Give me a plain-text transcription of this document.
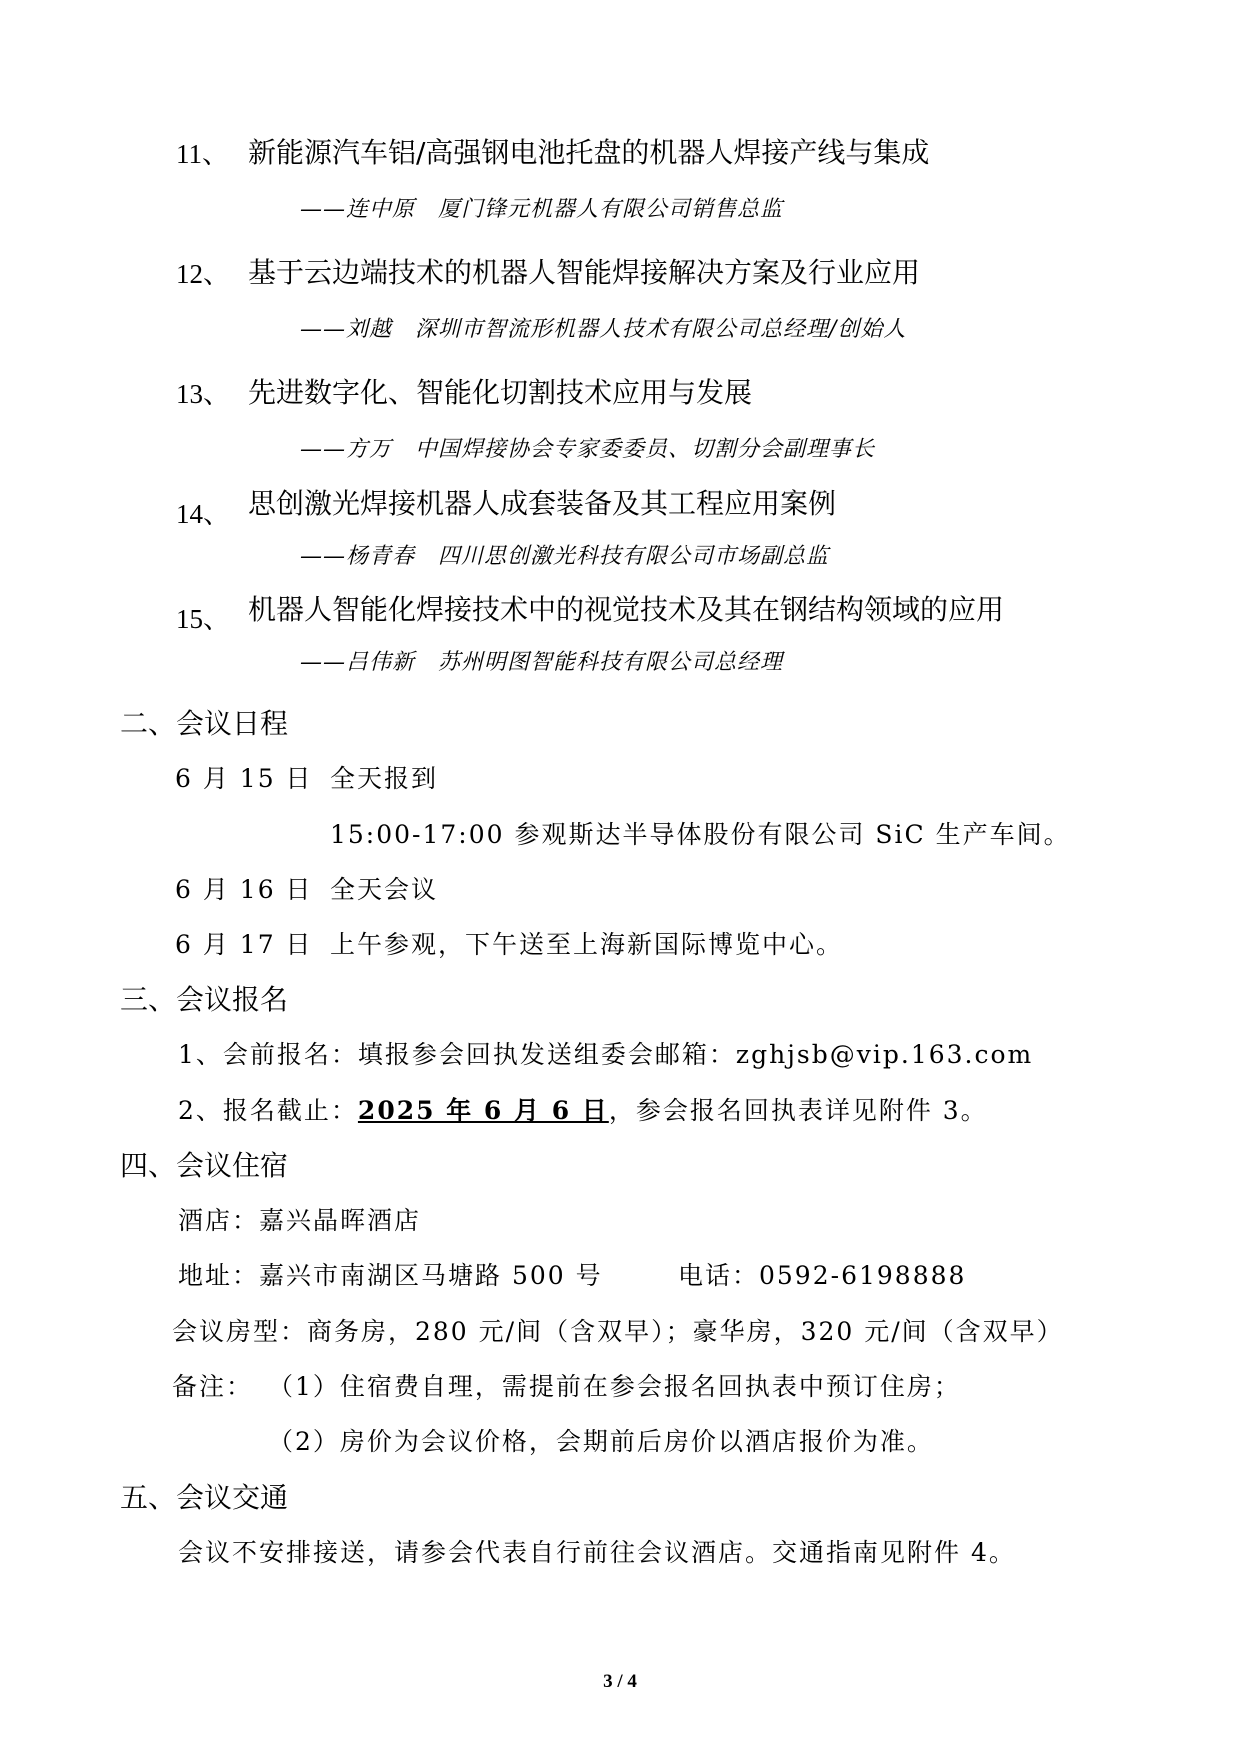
11、 新能源汽车铝/高强钢电池托盘的机器人焊接产线与集成
——连中原　厦门锋元机器人有限公司销售总监
12、 基于云边端技术的机器人智能焊接解决方案及行业应用
——刘越　深圳市智流形机器人技术有限公司总经理/创始人
13、 先进数字化、智能化切割技术应用与发展
——方万　中国焊接协会专家委委员、切割分会副理事长
14、 思创激光焊接机器人成套装备及其工程应用案例
——杨青春　四川思创激光科技有限公司市场副总监
15、 机器人智能化焊接技术中的视觉技术及其在钢结构领域的应用
——吕伟新　苏州明图智能科技有限公司总经理
二、会议日程
6 月 15 日 全天报到
15:00-17:00 参观斯达半导体股份有限公司 SiC 生产车间。
6 月 16 日 全天会议
6 月 17 日 上午参观，下午送至上海新国际博览中心。
三、会议报名
1、会前报名：填报参会回执发送组委会邮箱：zghjsb@vip.163.com
2、报名截止：2025 年 6 月 6 日，参会报名回执表详见附件 3。
四、会议住宿
酒店：嘉兴晶晖酒店
地址：嘉兴市南湖区马塘路 500 号	电话：0592-6198888
会议房型：商务房，280 元/间（含双早）；豪华房，320 元/间（含双早）
备注： （1）住宿费自理，需提前在参会报名回执表中预订住房；
（2）房价为会议价格，会期前后房价以酒店报价为准。
五、会议交通
会议不安排接送，请参会代表自行前往会议酒店。交通指南见附件 4。
3 / 4
